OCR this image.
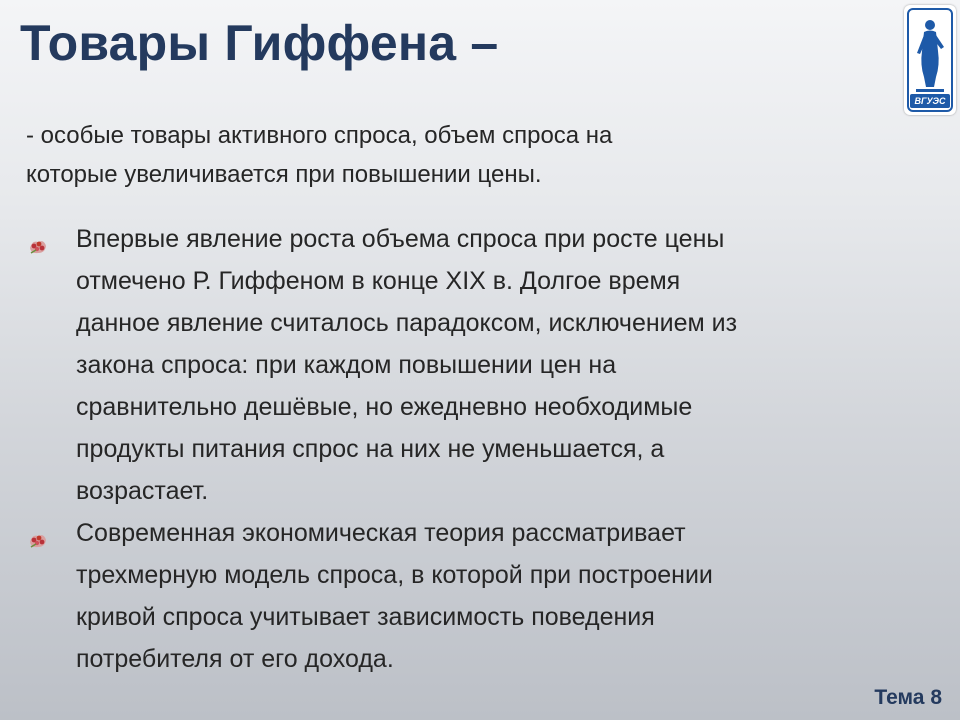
Товары Гиффена –
ВГУЭС

- особые товары активного спроса, объем спроса на
которые увеличивается при повышении цены.

Впервые явление роста объема спроса при росте цены
отмечено Р. Гиффеном в конце XIX в. Долгое время
данное явление считалось парадоксом, исключением из
закона спроса: при каждом повышении цен на
сравнительно дешёвые, но ежедневно необходимые
продукты питания спрос на них не уменьшается, а
возрастает.
Современная экономическая теория рассматривает
трехмерную модель спроса, в которой при построении
кривой спроса учитывает зависимость поведения
потребителя от его дохода.
Тема 8
